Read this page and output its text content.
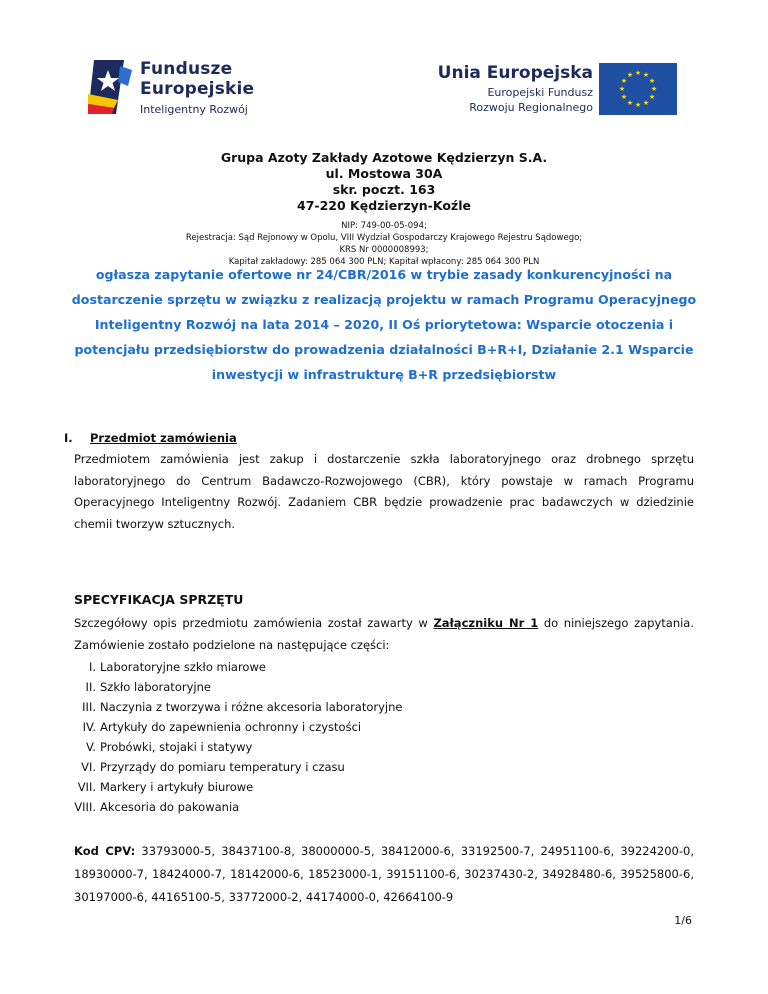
Fundusze
Europejskie
Inteligentny Rozwój
Unia Europejska
Europejski Fundusz
Rozwoju Regionalnego
★ ★
★
★
★
★
★
★
★
★
★
★
Grupa Azoty Zakłady Azotowe Kędzierzyn S.A.
ul. Mostowa 30A
skr. poczt. 163
47-220 Kędzierzyn-Koźle
NIP: 749-00-05-094;
Rejestracja: Sąd Rejonowy w Opolu, VIII Wydział Gospodarczy Krajowego Rejestru Sądowego;
KRS Nr 0000008993;
Kapitał zakładowy: 285 064 300 PLN; Kapitał wpłacony: 285 064 300 PLN
ogłasza zapytanie ofertowe nr 24/CBR/2016 w trybie zasady konkurencyjności na dostarczenie sprzętu w związku z realizacją projektu w ramach Programu Operacyjnego Inteligentny Rozwój na lata 2014 – 2020, II Oś priorytetowa: Wsparcie otoczenia i potencjału przedsiębiorstw do prowadzenia działalności B+R+I, Działanie 2.1 Wsparcie inwestycji w infrastrukturę B+R przedsiębiorstw
I. Przedmiot zamówienia
Przedmiotem zamówienia jest zakup i dostarczenie szkła laboratoryjnego oraz drobnego sprzętu laboratoryjnego do Centrum Badawczo-Rozwojowego (CBR), który powstaje w ramach Programu Operacyjnego Inteligentny Rozwój. Zadaniem CBR będzie prowadzenie prac badawczych w dziedzinie chemii tworzyw sztucznych.
SPECYFIKACJA SPRZĘTU
Szczegółowy opis przedmiotu zamówienia został zawarty w Załączniku Nr 1 do niniejszego zapytania. Zamówienie zostało podzielone na następujące części:
I. Laboratoryjne szkło miarowe
II. Szkło laboratoryjne
III. Naczynia z tworzywa i różne akcesoria laboratoryjne
IV. Artykuły do zapewnienia ochronny i czystości
V. Probówki, stojaki i statywy
VI. Przyrządy do pomiaru temperatury i czasu
VII. Markery i artykuły biurowe
VIII. Akcesoria do pakowania
Kod CPV: 33793000-5, 38437100-8, 38000000-5, 38412000-6, 33192500-7, 24951100-6, 39224200-0, 18930000-7, 18424000-7, 18142000-6, 18523000-1, 39151100-6, 30237430-2, 34928480-6, 39525800-6, 30197000-6, 44165100-5, 33772000-2, 44174000-0, 42664100-9
1/6
